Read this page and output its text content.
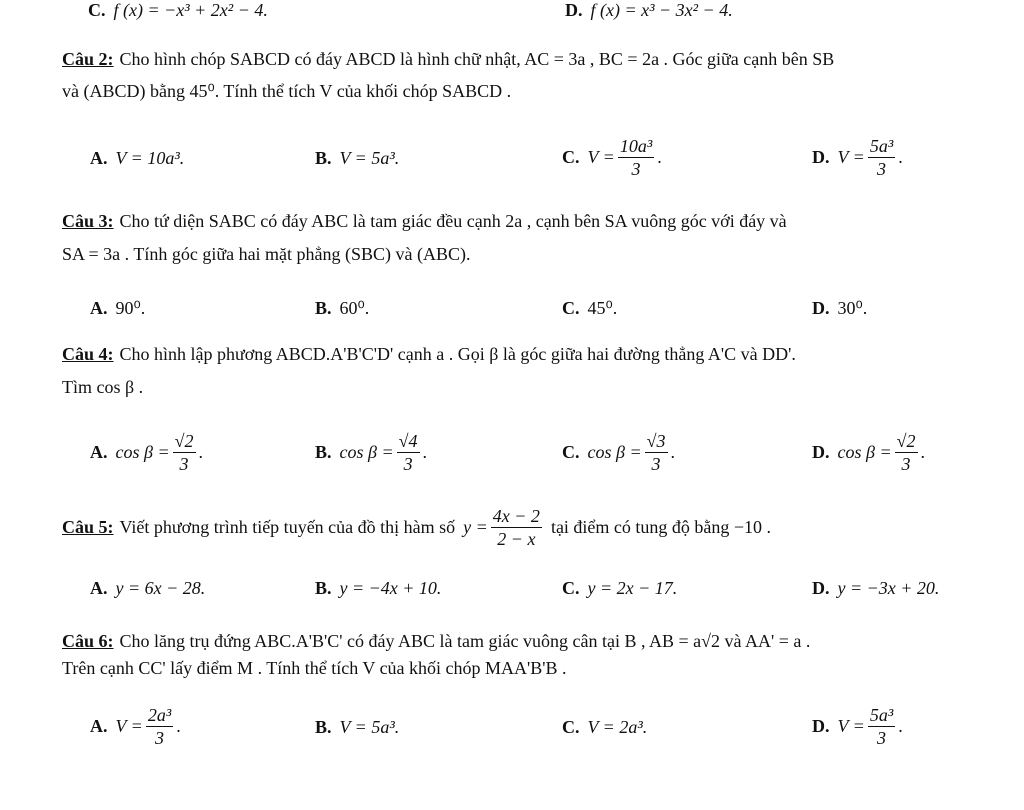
C. f (x) = −x³ + 2x² − 4.	D. f (x) = x³ − 3x² − 4.
Câu 2: Cho hình chóp SABCD có đáy ABCD là hình chữ nhật, AC = 3a , BC = 2a . Góc giữa cạnh bên SB
và (ABCD) bằng 45⁰. Tính thể tích V của khối chóp SABCD .
A. V = 10a³.	B. V = 5a³.	C. $V = \frac{\text{10a³}}{3}$ .	D. $V = \frac{\text{5a³}}{3}$ .
Câu 3: Cho tứ diện SABC có đáy ABC là tam giác đều cạnh 2a , cạnh bên SA vuông góc với đáy và
SA = 3a . Tính góc giữa hai mặt phẳng (SBC) và (ABC).
A. 90⁰.	B. 60⁰.	C. 45⁰.	D. 30⁰.
Câu 4: Cho hình lập phương ABCD.A'B'C'D' cạnh a . Gọi β là góc giữa hai đường thẳng A'C và DD'.
Tìm cos β .
A. $\cos \beta = \frac{√2}{3}$ .	B. $\cos \beta = \frac{√4}{3}$ .	C. $\cos \beta = \frac{√3}{3}$ .	D. $\cos \beta = \frac{√2}{3}$ .
Câu 5: Viết phương trình tiếp tuyến của đồ thị hàm số $y = \frac{4x - 2}{2 - x}$ tại điểm có tung độ bằng −10 .
A. y = 6x − 28.	B. y = −4x + 10.	C. y = 2x − 17.	D. y = −3x + 20.
Câu 6: Cho lăng trụ đứng ABC.A'B'C' có đáy ABC là tam giác vuông cân tại B , AB = a√2 và AA' = a .
Trên cạnh CC' lấy điểm M . Tính thể tích V của khối chóp MAA'B'B .
A. $V = \frac{\text{2a³}}{3}$ .	B. V = 5a³.	C. V = 2a³.	D. $V = \frac{\text{5a³}}{3}$ .
